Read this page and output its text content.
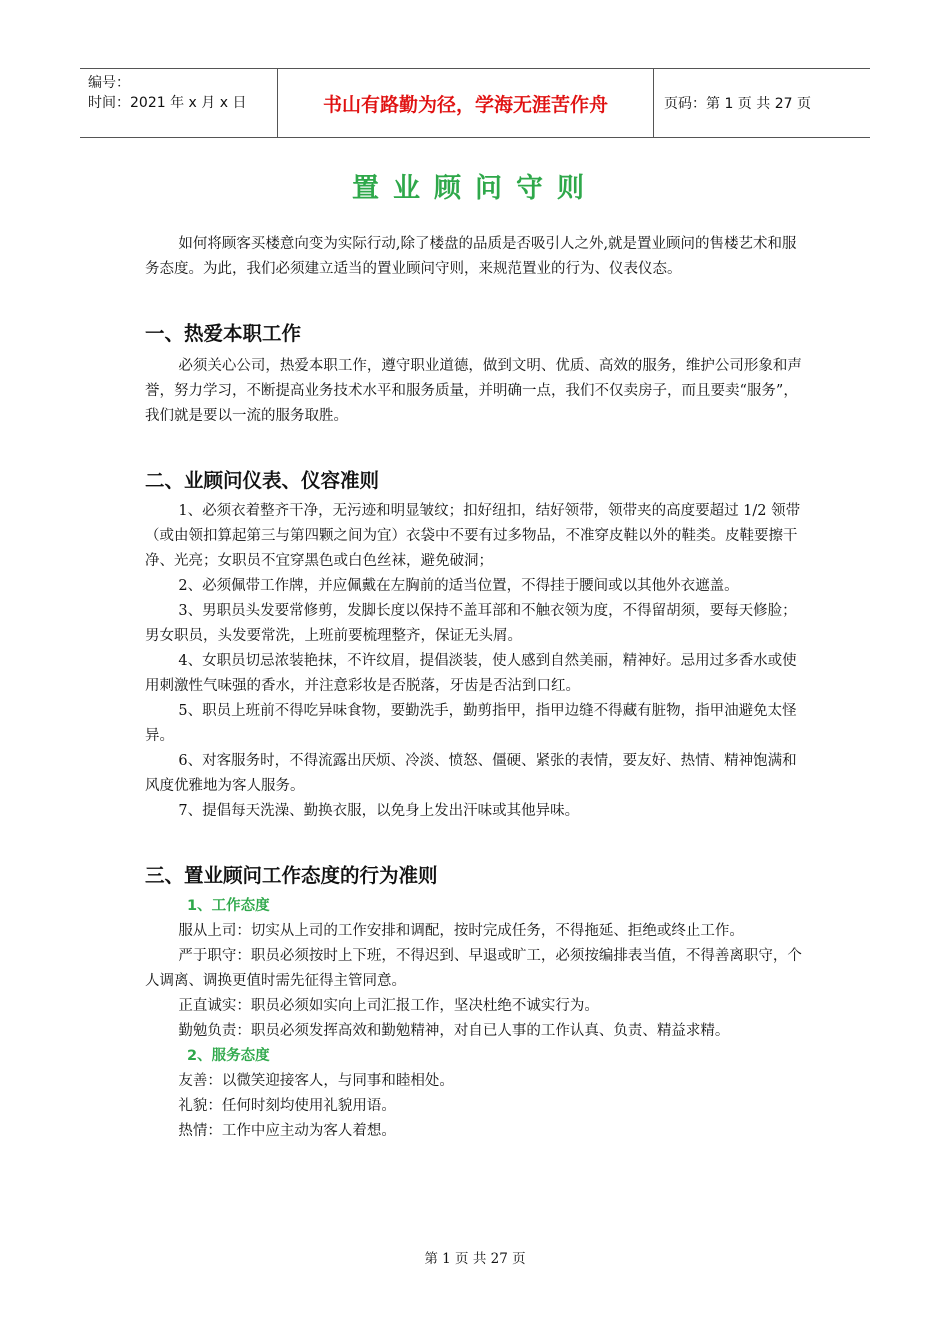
编号：
时间：2021 年 x 月 x 日	书山有路勤为径，学海无涯苦作舟	页码：第 1 页 共 27 页
置业顾问守则

如何将顾客买楼意向变为实际行动,除了楼盘的品质是否吸引人之外,就是置业顾问的售楼艺术和服务态度。为此，我们必须建立适当的置业顾问守则，来规范置业的行为、仪表仪态。

一、热爱本职工作

必须关心公司，热爱本职工作，遵守职业道德，做到文明、优质、高效的服务，维护公司形象和声誉，努力学习，不断提高业务技术水平和服务质量，并明确一点，我们不仅卖房子，而且要卖“服务”，我们就是要以一流的服务取胜。

二、业顾问仪表、仪容准则

1、必须衣着整齐干净，无污迹和明显皱纹；扣好纽扣，结好领带，领带夹的高度要超过 1/2 领带（或由领扣算起第三与第四颗之间为宜）衣袋中不要有过多物品，不准穿皮鞋以外的鞋类。皮鞋要擦干净、光亮；女职员不宜穿黑色或白色丝袜，避免破洞；

2、必须佩带工作牌，并应佩戴在左胸前的适当位置，不得挂于腰间或以其他外衣遮盖。

3、男职员头发要常修剪，发脚长度以保持不盖耳部和不触衣领为度，不得留胡须，要每天修脸；男女职员，头发要常洗，上班前要梳理整齐，保证无头屑。

4、女职员切忌浓装艳抹，不许纹眉，提倡淡装，使人感到自然美丽，精神好。忌用过多香水或使用刺激性气味强的香水，并注意彩妆是否脱落，牙齿是否沾到口红。

5、职员上班前不得吃异味食物，要勤洗手，勤剪指甲，指甲边缝不得藏有脏物，指甲油避免太怪异。

6、对客服务时，不得流露出厌烦、冷淡、愤怒、僵硬、紧张的表情，要友好、热情、精神饱满和风度优雅地为客人服务。

7、提倡每天洗澡、勤换衣服，以免身上发出汗味或其他异味。

三、置业顾问工作态度的行为准则

1、工作态度

服从上司：切实从上司的工作安排和调配，按时完成任务，不得拖延、拒绝或终止工作。

严于职守：职员必须按时上下班，不得迟到、早退或旷工，必须按编排表当值，不得善离职守，个人调离、调换更值时需先征得主管同意。

正直诚实：职员必须如实向上司汇报工作，坚决杜绝不诚实行为。

勤勉负责：职员必须发挥高效和勤勉精神，对自已人事的工作认真、负责、精益求精。

2、服务态度

友善：以微笑迎接客人，与同事和睦相处。

礼貌：任何时刻均使用礼貌用语。

热情：工作中应主动为客人着想。

第 1 页 共 27 页
